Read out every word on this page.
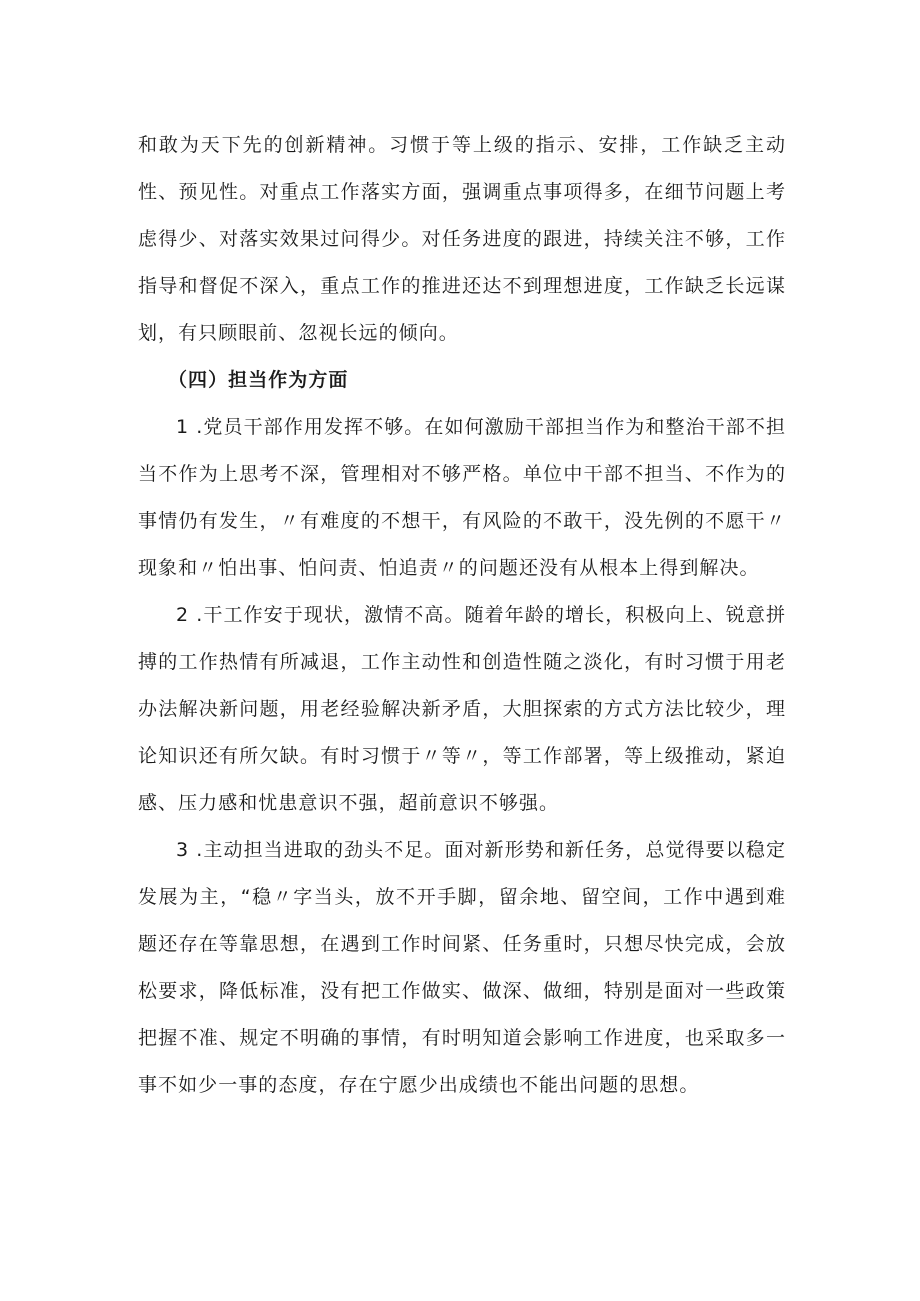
和敢为天下先的创新精神。习惯于等上级的指示、安排，工作缺乏主动性、预见性。对重点工作落实方面，强调重点事项得多，在细节问题上考虑得少、对落实效果过问得少。对任务进度的跟进，持续关注不够，工作指导和督促不深入，重点工作的推进还达不到理想进度，工作缺乏长远谋划，有只顾眼前、忽视长远的倾向。

（四）担当作为方面

1 .党员干部作用发挥不够。在如何激励干部担当作为和整治干部不担当不作为上思考不深，管理相对不够严格。单位中干部不担当、不作为的事情仍有发生，〃有难度的不想干，有风险的不敢干，没先例的不愿干〃现象和〃怕出事、怕问责、怕追责〃的问题还没有从根本上得到解决。

2 .干工作安于现状，激情不高。随着年龄的增长，积极向上、锐意拼搏的工作热情有所减退，工作主动性和创造性随之淡化，有时习惯于用老办法解决新问题，用老经验解决新矛盾，大胆探索的方式方法比较少，理论知识还有所欠缺。有时习惯于〃等〃，等工作部署，等上级推动，紧迫感、压力感和忧患意识不强，超前意识不够强。

3 .主动担当进取的劲头不足。面对新形势和新任务，总觉得要以稳定发展为主，“稳〃字当头，放不开手脚，留余地、留空间，工作中遇到难题还存在等靠思想，在遇到工作时间紧、任务重时，只想尽快完成，会放松要求，降低标准，没有把工作做实、做深、做细，特别是面对一些政策把握不准、规定不明确的事情，有时明知道会影响工作进度，也采取多一事不如少一事的态度，存在宁愿少出成绩也不能出问题的思想。
